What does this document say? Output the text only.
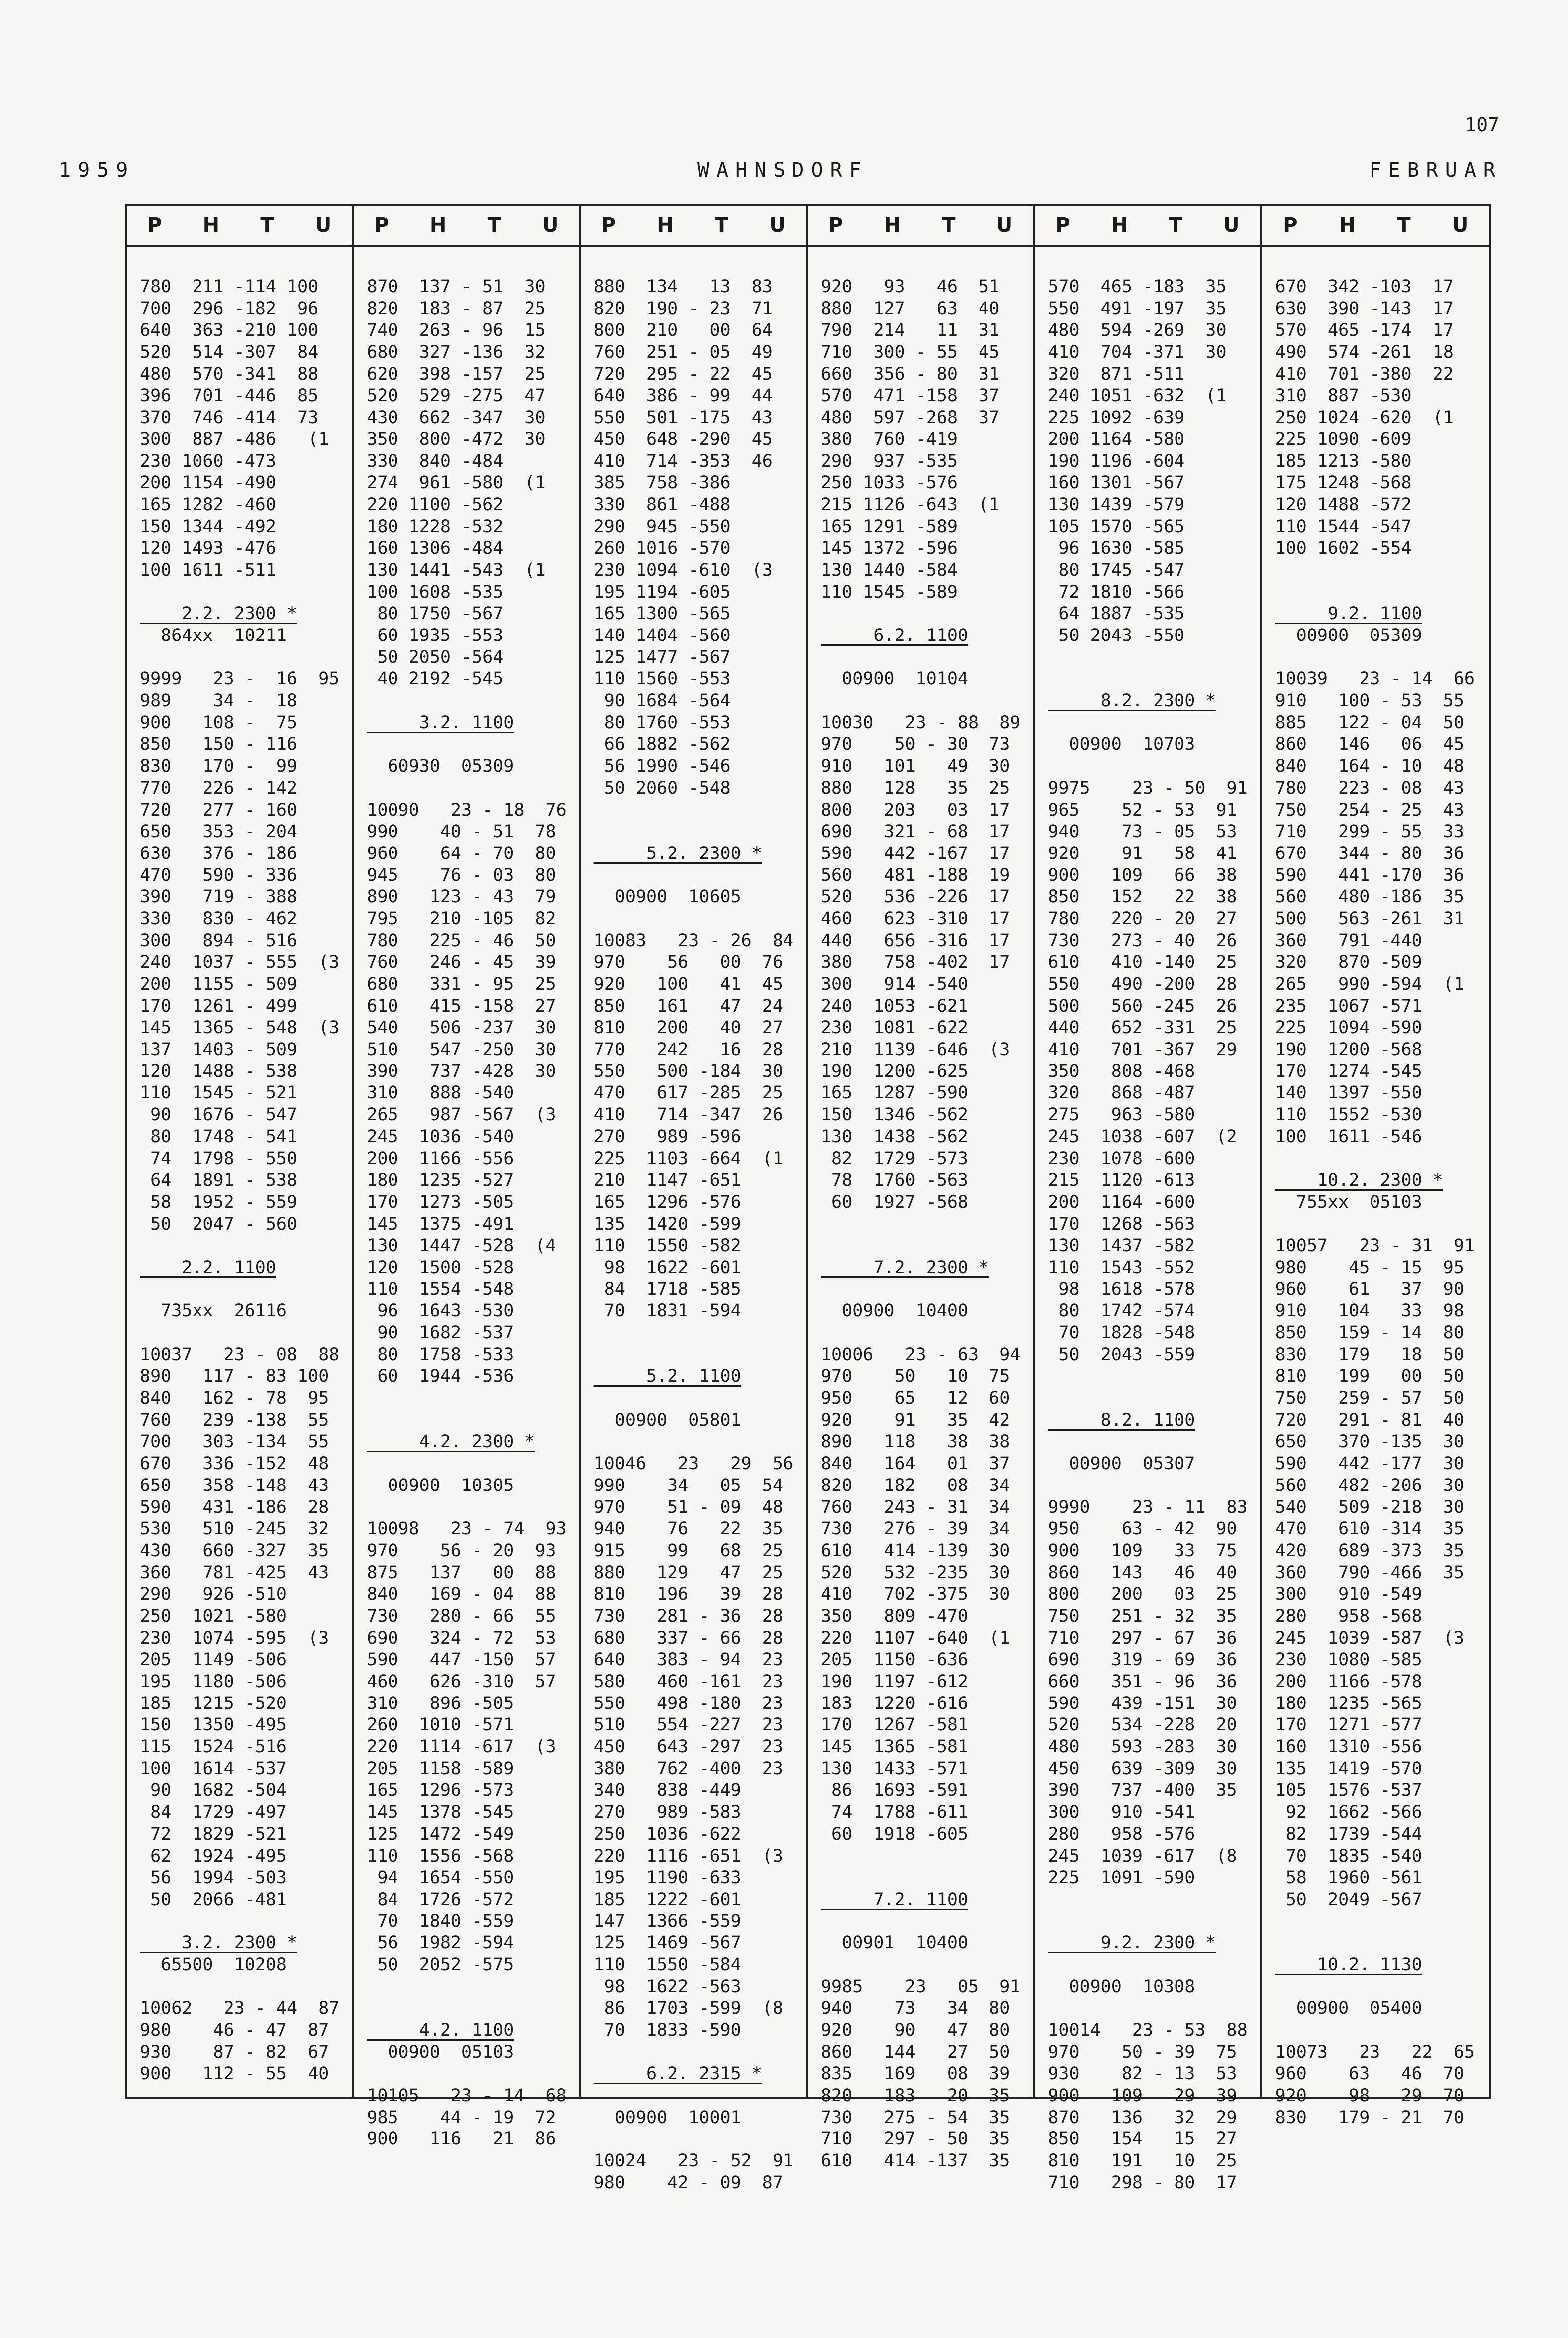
107
1959	WAHNSDORF	FEBRUAR
P H T U
780  211 -114 100
700  296 -182  96
640  363 -210 100
520  514 -307  84
480  570 -341  88
396  701 -446  85
370  746 -414  73
300  887 -486   (1
230 1060 -473
200 1154 -490
165 1282 -460
150 1344 -492
120 1493 -476
100 1611 -511
2.2. 2300 *
864xx  10211
9999   23 -  16  95
989    34 -  18
900   108 -  75
850   150 - 116
830   170 -  99
770   226 - 142
720   277 - 160
650   353 - 204
630   376 - 186
470   590 - 336
390   719 - 388
330   830 - 462
300   894 - 516
240  1037 - 555  (3
200  1155 - 509
170  1261 - 499
145  1365 - 548  (3
137  1403 - 509
120  1488 - 538
110  1545 - 521
90  1676 - 547
80  1748 - 541
74  1798 - 550
64  1891 - 538
58  1952 - 559
50  2047 - 560
2.2. 1100
735xx  26116
10037   23 - 08  88
890   117 - 83 100
840   162 - 78  95
760   239 -138  55
700   303 -134  55
670   336 -152  48
650   358 -148  43
590   431 -186  28
530   510 -245  32
430   660 -327  35
360   781 -425  43
290   926 -510
250  1021 -580
230  1074 -595  (3
205  1149 -506
195  1180 -506
185  1215 -520
150  1350 -495
115  1524 -516
100  1614 -537
90  1682 -504
84  1729 -497
72  1829 -521
62  1924 -495
56  1994 -503
50  2066 -481
3.2. 2300 *
65500  10208
10062   23 - 44  87
980    46 - 47  87
930    87 - 82  67
900   112 - 55  40
P H T U
870  137 - 51  30
820  183 - 87  25
740  263 - 96  15
680  327 -136  32
620  398 -157  25
520  529 -275  47
430  662 -347  30
350  800 -472  30
330  840 -484
274  961 -580  (1
220 1100 -562
180 1228 -532
160 1306 -484
130 1441 -543  (1
100 1608 -535
80 1750 -567
60 1935 -553
50 2050 -564
40 2192 -545
3.2. 1100
60930  05309
10090   23 - 18  76
990    40 - 51  78
960    64 - 70  80
945    76 - 03  80
890   123 - 43  79
795   210 -105  82
780   225 - 46  50
760   246 - 45  39
680   331 - 95  25
610   415 -158  27
540   506 -237  30
510   547 -250  30
390   737 -428  30
310   888 -540
265   987 -567  (3
245  1036 -540
200  1166 -556
180  1235 -527
170  1273 -505
145  1375 -491
130  1447 -528  (4
120  1500 -528
110  1554 -548
96  1643 -530
90  1682 -537
80  1758 -533
60  1944 -536
4.2. 2300 *
00900  10305
10098   23 - 74  93
970    56 - 20  93
875   137   00  88
840   169 - 04  88
730   280 - 66  55
690   324 - 72  53
590   447 -150  57
460   626 -310  57
310   896 -505
260  1010 -571
220  1114 -617  (3
205  1158 -589
165  1296 -573
145  1378 -545
125  1472 -549
110  1556 -568
94  1654 -550
84  1726 -572
70  1840 -559
56  1982 -594
50  2052 -575
4.2. 1100
00900  05103
10105   23 - 14  68
985    44 - 19  72
900   116   21  86
P H T U
880  134   13  83
820  190 - 23  71
800  210   00  64
760  251 - 05  49
720  295 - 22  45
640  386 - 99  44
550  501 -175  43
450  648 -290  45
410  714 -353  46
385  758 -386
330  861 -488
290  945 -550
260 1016 -570
230 1094 -610  (3
195 1194 -605
165 1300 -565
140 1404 -560
125 1477 -567
110 1560 -553
90 1684 -564
80 1760 -553
66 1882 -562
56 1990 -546
50 2060 -548
5.2. 2300 *
00900  10605
10083   23 - 26  84
970    56   00  76
920   100   41  45
850   161   47  24
810   200   40  27
770   242   16  28
550   500 -184  30
470   617 -285  25
410   714 -347  26
270   989 -596
225  1103 -664  (1
210  1147 -651
165  1296 -576
135  1420 -599
110  1550 -582
98  1622 -601
84  1718 -585
70  1831 -594
5.2. 1100
00900  05801
10046   23   29  56
990    34   05  54
970    51 - 09  48
940    76   22  35
915    99   68  25
880   129   47  25
810   196   39  28
730   281 - 36  28
680   337 - 66  28
640   383 - 94  23
580   460 -161  23
550   498 -180  23
510   554 -227  23
450   643 -297  23
380   762 -400  23
340   838 -449
270   989 -583
250  1036 -622
220  1116 -651  (3
195  1190 -633
185  1222 -601
147  1366 -559
125  1469 -567
110  1550 -584
98  1622 -563
86  1703 -599  (8
70  1833 -590
6.2. 2315 *
00900  10001
10024   23 - 52  91
980    42 - 09  87
P H T U
920   93   46  51
880  127   63  40
790  214   11  31
710  300 - 55  45
660  356 - 80  31
570  471 -158  37
480  597 -268  37
380  760 -419
290  937 -535
250 1033 -576
215 1126 -643  (1
165 1291 -589
145 1372 -596
130 1440 -584
110 1545 -589
6.2. 1100
00900  10104
10030   23 - 88  89
970    50 - 30  73
910   101   49  30
880   128   35  25
800   203   03  17
690   321 - 68  17
590   442 -167  17
560   481 -188  19
520   536 -226  17
460   623 -310  17
440   656 -316  17
380   758 -402  17
300   914 -540
240  1053 -621
230  1081 -622
210  1139 -646  (3
190  1200 -625
165  1287 -590
150  1346 -562
130  1438 -562
82  1729 -573
78  1760 -563
60  1927 -568
7.2. 2300 *
00900  10400
10006   23 - 63  94
970    50   10  75
950    65   12  60
920    91   35  42
890   118   38  38
840   164   01  37
820   182   08  34
760   243 - 31  34
730   276 - 39  34
610   414 -139  30
520   532 -235  30
410   702 -375  30
350   809 -470
220  1107 -640  (1
205  1150 -636
190  1197 -612
183  1220 -616
170  1267 -581
145  1365 -581
130  1433 -571
86  1693 -591
74  1788 -611
60  1918 -605
7.2. 1100
00901  10400
9985    23   05  91
940    73   34  80
920    90   47  80
860   144   27  50
835   169   08  39
820   183   20  35
730   275 - 54  35
710   297 - 50  35
610   414 -137  35
P H T U
570  465 -183  35
550  491 -197  35
480  594 -269  30
410  704 -371  30
320  871 -511
240 1051 -632  (1
225 1092 -639
200 1164 -580
190 1196 -604
160 1301 -567
130 1439 -579
105 1570 -565
96 1630 -585
80 1745 -547
72 1810 -566
64 1887 -535
50 2043 -550
8.2. 2300 *
00900  10703
9975    23 - 50  91
965    52 - 53  91
940    73 - 05  53
920    91   58  41
900   109   66  38
850   152   22  38
780   220 - 20  27
730   273 - 40  26
610   410 -140  25
550   490 -200  28
500   560 -245  26
440   652 -331  25
410   701 -367  29
350   808 -468
320   868 -487
275   963 -580
245  1038 -607  (2
230  1078 -600
215  1120 -613
200  1164 -600
170  1268 -563
130  1437 -582
110  1543 -552
98  1618 -578
80  1742 -574
70  1828 -548
50  2043 -559
8.2. 1100
00900  05307
9990    23 - 11  83
950    63 - 42  90
900   109   33  75
860   143   46  40
800   200   03  25
750   251 - 32  35
710   297 - 67  36
690   319 - 69  36
660   351 - 96  36
590   439 -151  30
520   534 -228  20
480   593 -283  30
450   639 -309  30
390   737 -400  35
300   910 -541
280   958 -576
245  1039 -617  (8
225  1091 -590
9.2. 2300 *
00900  10308
10014   23 - 53  88
970    50 - 39  75
930    82 - 13  53
900   109   29  39
870   136   32  29
850   154   15  27
810   191   10  25
710   298 - 80  17
P H T U
670  342 -103  17
630  390 -143  17
570  465 -174  17
490  574 -261  18
410  701 -380  22
310  887 -530
250 1024 -620  (1
225 1090 -609
185 1213 -580
175 1248 -568
120 1488 -572
110 1544 -547
100 1602 -554
9.2. 1100
00900  05309
10039   23 - 14  66
910   100 - 53  55
885   122 - 04  50
860   146   06  45
840   164 - 10  48
780   223 - 08  43
750   254 - 25  43
710   299 - 55  33
670   344 - 80  36
590   441 -170  36
560   480 -186  35
500   563 -261  31
360   791 -440
320   870 -509
265   990 -594  (1
235  1067 -571
225  1094 -590
190  1200 -568
170  1274 -545
140  1397 -550
110  1552 -530
100  1611 -546
10.2. 2300 *
755xx  05103
10057   23 - 31  91
980    45 - 15  95
960    61   37  90
910   104   33  98
850   159 - 14  80
830   179   18  50
810   199   00  50
750   259 - 57  50
720   291 - 81  40
650   370 -135  30
590   442 -177  30
560   482 -206  30
540   509 -218  30
470   610 -314  35
420   689 -373  35
360   790 -466  35
300   910 -549
280   958 -568
245  1039 -587  (3
230  1080 -585
200  1166 -578
180  1235 -565
170  1271 -577
160  1310 -556
135  1419 -570
105  1576 -537
92  1662 -566
82  1739 -544
70  1835 -540
58  1960 -561
50  2049 -567
10.2. 1130
00900  05400
10073   23   22  65
960    63   46  70
920    98   29  70
830   179 - 21  70
